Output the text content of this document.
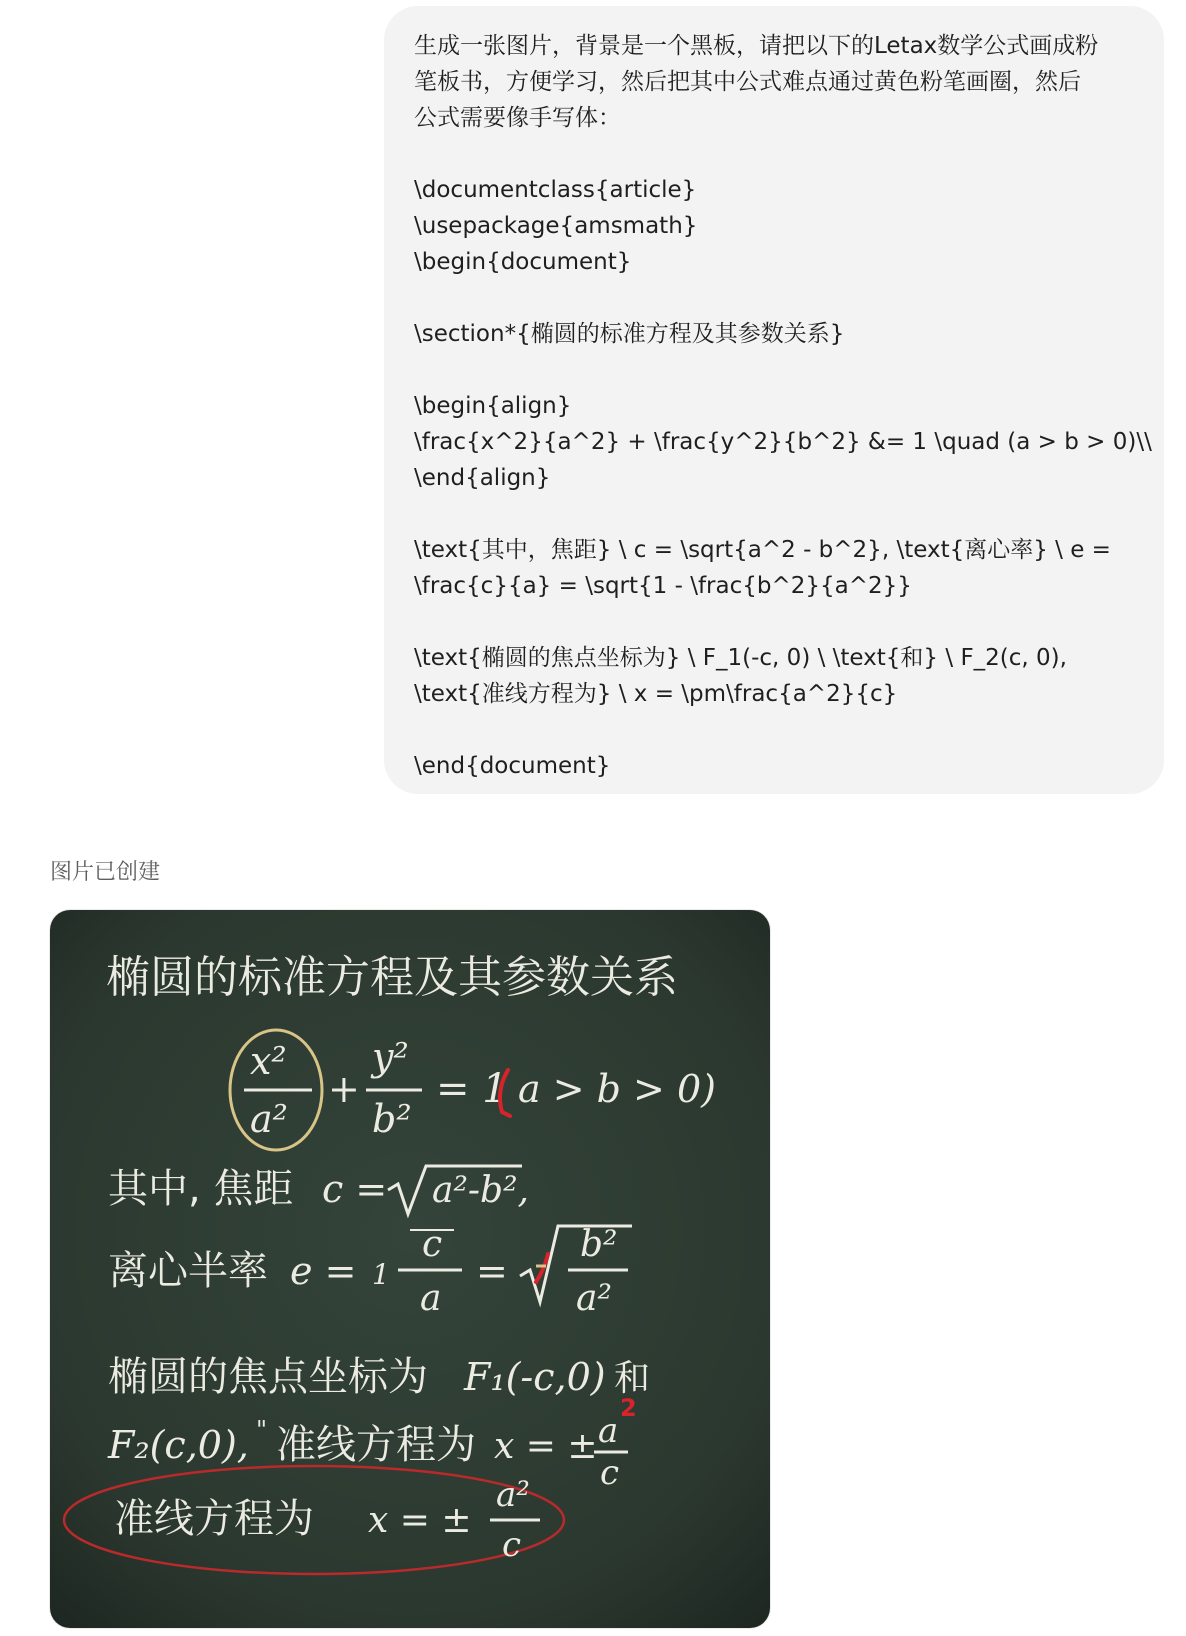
生成一张图片，背景是一个黑板，请把以下的Letax数学公式画成粉
笔板书，方便学习，然后把其中公式难点通过黄色粉笔画圈，然后
公式需要像手写体：
\documentclass{article}
\usepackage{amsmath}
\begin{document}
\section*{椭圆的标准方程及其参数关系}
\begin{align}
\frac{x^2}{a^2} + \frac{y^2}{b^2} &= 1 \quad (a > b > 0)\\
\end{align}
\text{其中，焦距} \ c = \sqrt{a^2 - b^2}, \text{离心率} \ e =
\frac{c}{a} = \sqrt{1 - \frac{b^2}{a^2}}
\text{椭圆的焦点坐标为} \ F_1(-c, 0) \ \text{和} \ F_2(c, 0),
\text{准线方程为} \ x = \pm\frac{a^2}{c}
\end{document}
图片已创建
椭圆的标准方程及其参数关系
x²
a²
+
y²
b²
= 1 a > b > 0)
其中, 焦距 c = a²-b²,
离心半率 e = 1
c
a
=
b²
a²
椭圆的焦点坐标为 F₁(-c,0) 和
F₂(c,0), " 准线方程为 x = ± a
2
c
准线方程为 x = ±
a²
c
